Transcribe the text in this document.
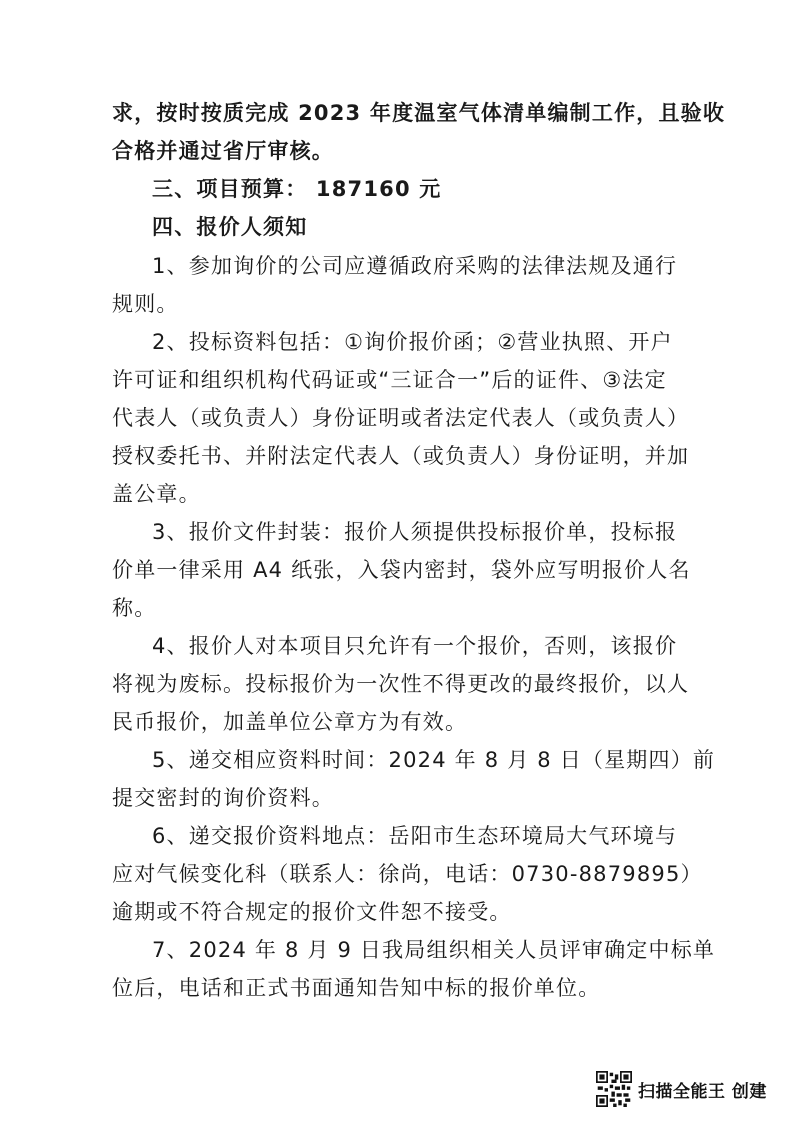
求，按时按质完成 2023 年度温室气体清单编制工作，且验收
合格并通过省厅审核。
三、项目预算： 187160 元
四、报价人须知
1、参加询价的公司应遵循政府采购的法律法规及通行
规则。
2、投标资料包括：①询价报价函；②营业执照、开户
许可证和组织机构代码证或“三证合一”后的证件、③法定
代表人（或负责人）身份证明或者法定代表人（或负责人）
授权委托书、并附法定代表人（或负责人）身份证明，并加
盖公章。
3、报价文件封装：报价人须提供投标报价单，投标报
价单一律采用 A4 纸张，入袋内密封，袋外应写明报价人名
称。
4、报价人对本项目只允许有一个报价，否则，该报价
将视为废标。投标报价为一次性不得更改的最终报价，以人
民币报价，加盖单位公章方为有效。
5、递交相应资料时间：2024 年 8 月 8 日（星期四）前
提交密封的询价资料。
6、递交报价资料地点：岳阳市生态环境局大气环境与
应对气候变化科（联系人：徐尚，电话：0730-8879895）
逾期或不符合规定的报价文件恕不接受。
7、2024 年 8 月 9 日我局组织相关人员评审确定中标单
位后，电话和正式书面通知告知中标的报价单位。
扫描全能王 创建
